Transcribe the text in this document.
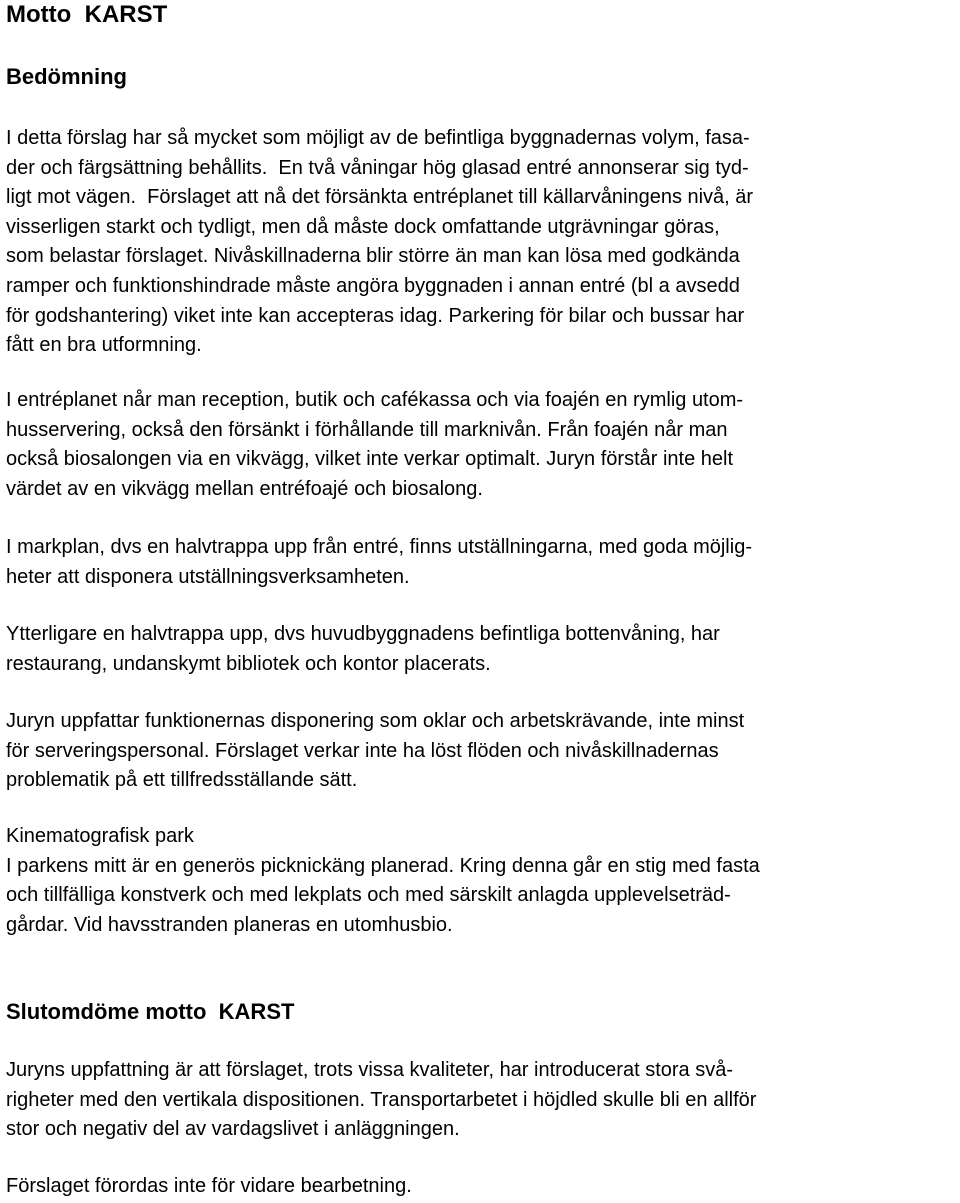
Motto  KARST
Bedömning
I detta förslag har så mycket som möjligt av de befintliga byggnadernas volym, fasa-
der och färgsättning behållits.  En två våningar hög glasad entré annonserar sig tyd-
ligt mot vägen.  Förslaget att nå det försänkta entréplanet till källarvåningens nivå, är
visserligen starkt och tydligt, men då måste dock omfattande utgrävningar göras,
som belastar förslaget. Nivåskillnaderna blir större än man kan lösa med godkända
ramper och funktionshindrade måste angöra byggnaden i annan entré (bl a avsedd
för godshantering) viket inte kan accepteras idag. Parkering för bilar och bussar har
fått en bra utformning.
I entréplanet når man reception, butik och cafékassa och via foajén en rymlig utom-
husservering, också den försänkt i förhållande till marknivån. Från foajén når man
också biosalongen via en vikvägg, vilket inte verkar optimalt. Juryn förstår inte helt
värdet av en vikvägg mellan entréfoajé och biosalong.
I markplan, dvs en halvtrappa upp från entré, finns utställningarna, med goda möjlig-
heter att disponera utställningsverksamheten.
Ytterligare en halvtrappa upp, dvs huvudbyggnadens befintliga bottenvåning, har
restaurang, undanskymt bibliotek och kontor placerats.
Juryn uppfattar funktionernas disponering som oklar och arbetskrävande, inte minst
för serveringspersonal. Förslaget verkar inte ha löst flöden och nivåskillnadernas
problematik på ett tillfredsställande sätt.
Kinematografisk park
I parkens mitt är en generös picknickäng planerad. Kring denna går en stig med fasta
och tillfälliga konstverk och med lekplats och med särskilt anlagda upplevelseträd-
gårdar. Vid havsstranden planeras en utomhusbio.
Slutomdöme motto  KARST
Juryns uppfattning är att förslaget, trots vissa kvaliteter, har introducerat stora svå-
righeter med den vertikala dispositionen. Transportarbetet i höjdled skulle bli en allför
stor och negativ del av vardagslivet i anläggningen.
Förslaget förordas inte för vidare bearbetning.
